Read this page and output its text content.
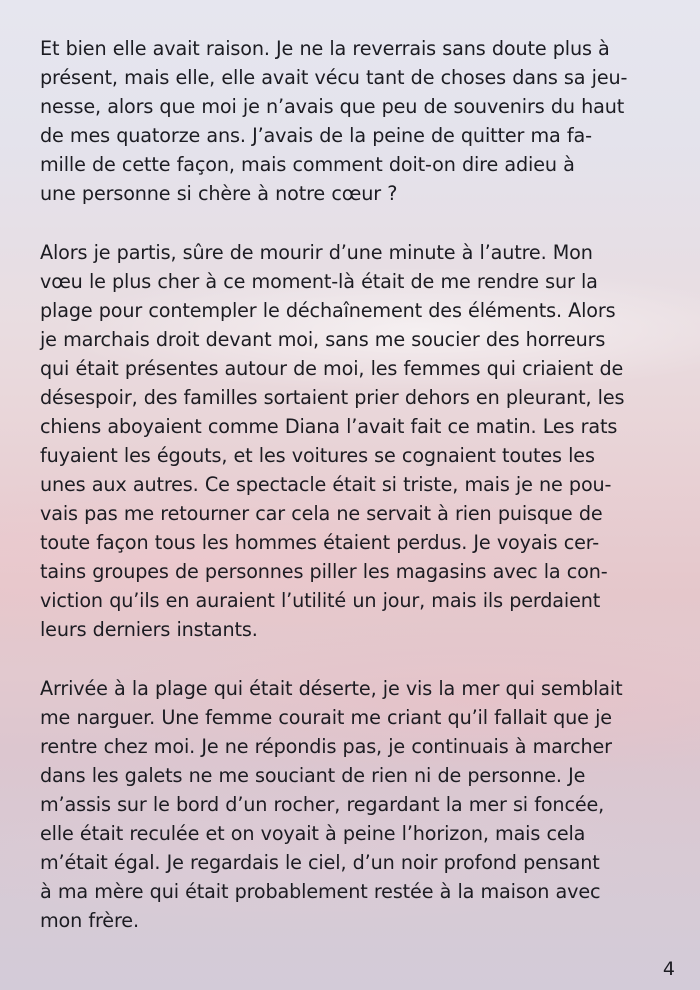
Et bien elle avait raison. Je ne la reverrais sans doute plus à
présent, mais elle, elle avait vécu tant de choses dans sa jeu-
nesse, alors que moi je n’avais que peu de souvenirs du haut
de mes quatorze ans. J’avais de la peine de quitter ma fa-
mille de cette façon, mais comment doit-on dire adieu à
une personne si chère à notre cœur ?

Alors je partis, sûre de mourir d’une minute à l’autre. Mon
vœu le plus cher à ce moment-là était de me rendre sur la
plage pour contempler le déchaînement des éléments. Alors
je marchais droit devant moi, sans me soucier des horreurs
qui était présentes autour de moi, les femmes qui criaient de
désespoir, des familles sortaient prier dehors en pleurant, les
chiens aboyaient comme Diana l’avait fait ce matin. Les rats
fuyaient les égouts, et les voitures se cognaient toutes les
unes aux autres. Ce spectacle était si triste, mais je ne pou-
vais pas me retourner car cela ne servait à rien puisque de
toute façon tous les hommes étaient perdus. Je voyais cer-
tains groupes de personnes piller les magasins avec la con-
viction qu’ils en auraient l’utilité un jour, mais ils perdaient
leurs derniers instants.

Arrivée à la plage qui était déserte, je vis la mer qui semblait
me narguer. Une femme courait me criant qu’il fallait que je
rentre chez moi. Je ne répondis pas, je continuais à marcher
dans les galets ne me souciant de rien ni de personne. Je
m’assis sur le bord d’un rocher, regardant la mer si foncée,
elle était reculée et on voyait à peine l’horizon, mais cela
m’était égal. Je regardais le ciel, d’un noir profond pensant
à ma mère qui était probablement restée à la maison avec
mon frère.

4
